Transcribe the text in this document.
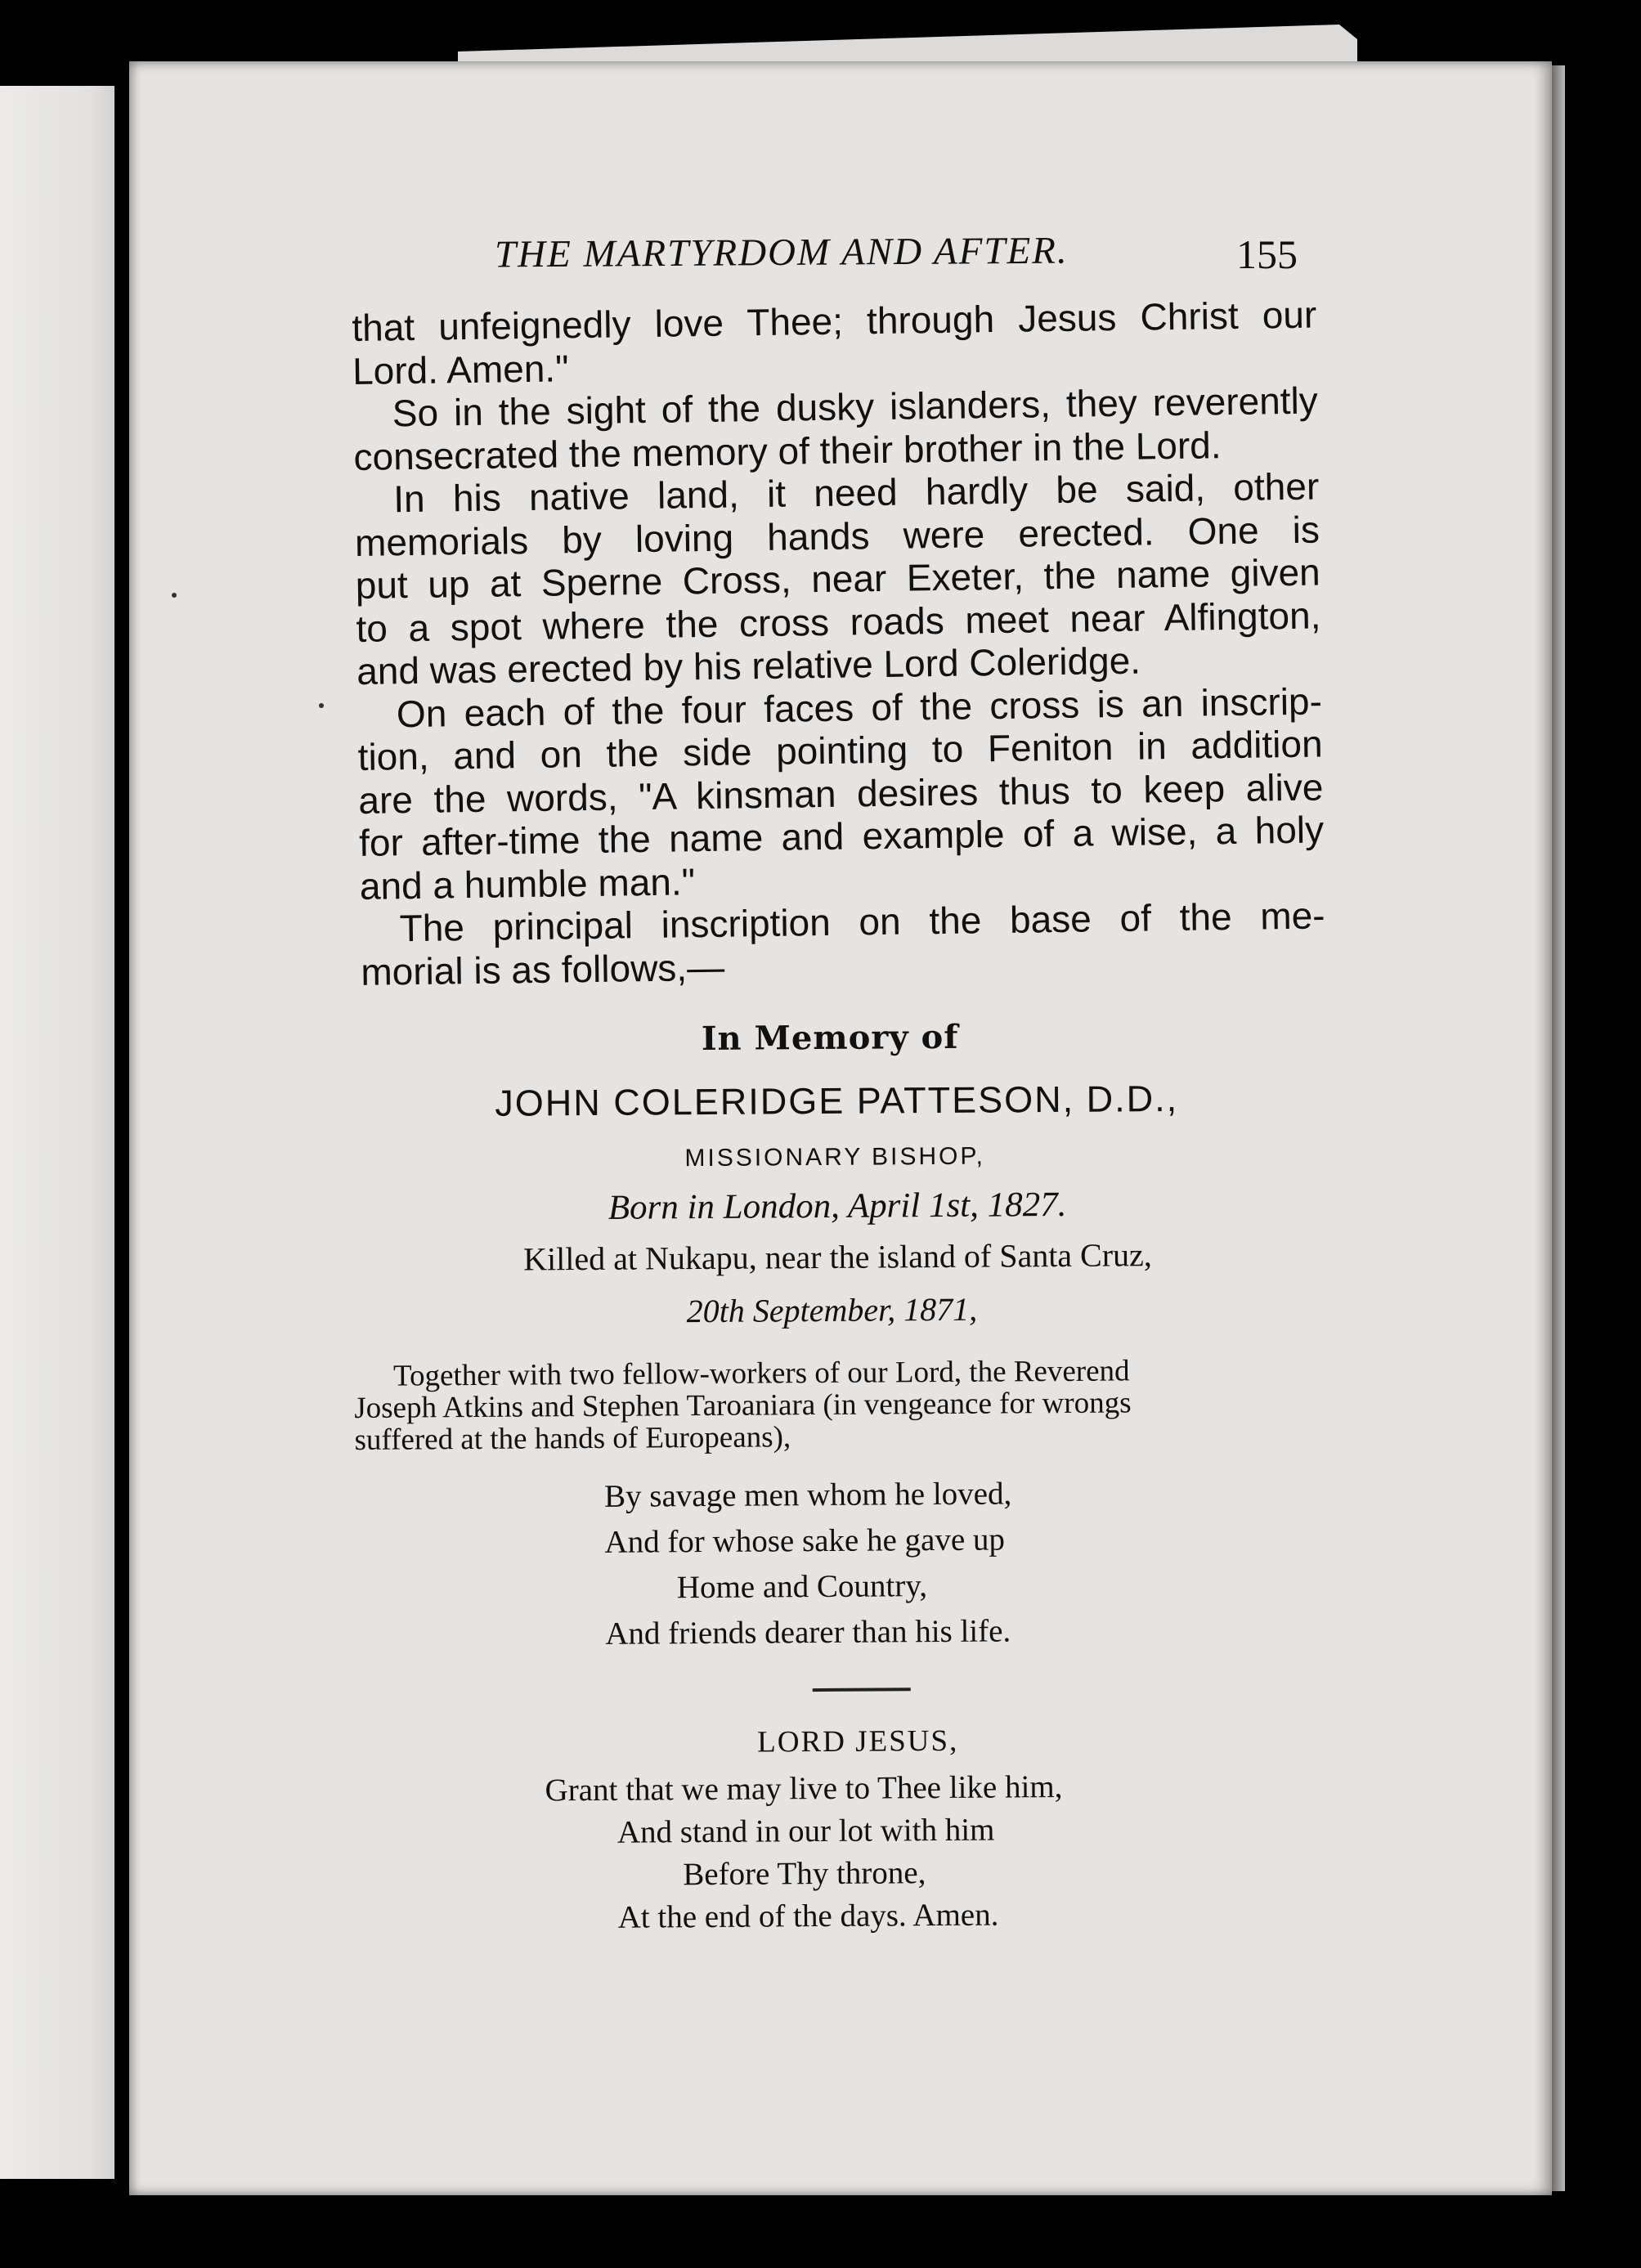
THE MARTYRDOM AND AFTER.	155
that unfeignedly love Thee; through Jesus Christ our
Lord. Amen."
So in the sight of the dusky islanders, they reverently
consecrated the memory of their brother in the Lord.
In his native land, it need hardly be said, other
memorials by loving hands were erected. One is
put up at Sperne Cross, near Exeter, the name given
to a spot where the cross roads meet near Alfington,
and was erected by his relative Lord Coleridge.
On each of the four faces of the cross is an inscrip-
tion, and on the side pointing to Feniton in addition
are the words, "A kinsman desires thus to keep alive
for after-time the name and example of a wise, a holy
and a humble man."
The principal inscription on the base of the me-
morial is as follows,—
In Memory of
JOHN COLERIDGE PATTESON, D.D.,
MISSIONARY BISHOP,
Born in London, April 1st, 1827.
Killed at Nukapu, near the island of Santa Cruz,
20th September, 1871,
Together with two fellow-workers of our Lord, the Reverend
Joseph Atkins and Stephen Taroaniara (in vengeance for wrongs
suffered at the hands of Europeans),
By savage men whom he loved,
And for whose sake he gave up
Home and Country,
And friends dearer than his life.
LORD JESUS,
Grant that we may live to Thee like him,
And stand in our lot with him
Before Thy throne,
At the end of the days. Amen.
